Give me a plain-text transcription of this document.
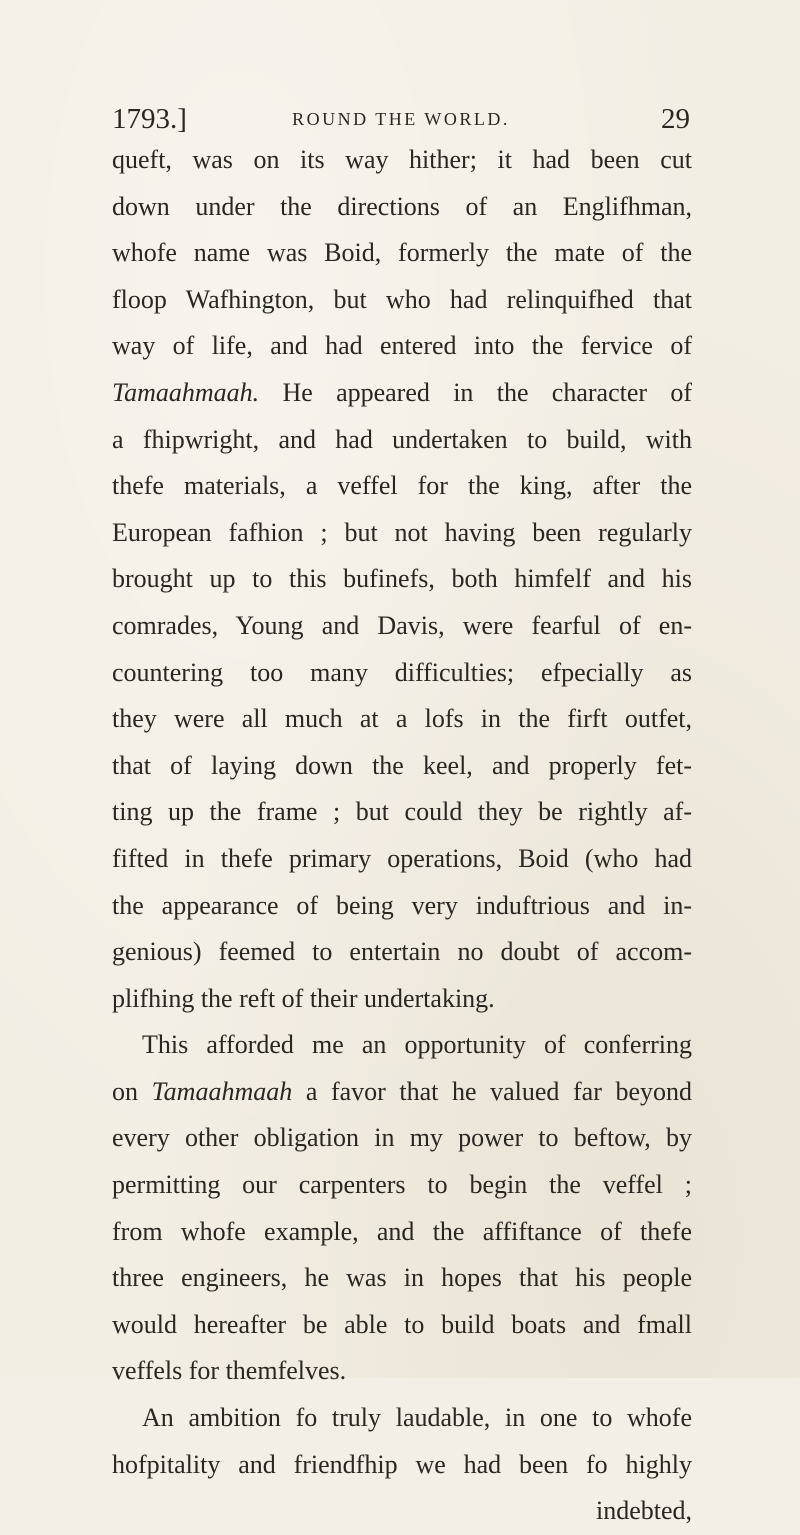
1793.]	ROUND THE WORLD.	29
queft, was on its way hither; it had been cut
down under the directions of an Englifhman,
whofe name was Boid, formerly the mate of the
floop Wafhington, but who had relinquifhed that
way of life, and had entered into the fervice of
Tamaahmaah. He appeared in the character of
a fhipwright, and had undertaken to build, with
thefe materials, a veffel for the king, after the
European fafhion ; but not having been regularly
brought up to this bufinefs, both himfelf and his
comrades, Young and Davis, were fearful of en-
countering too many difficulties; efpecially as
they were all much at a lofs in the firft outfet,
that of laying down the keel, and properly fet-
ting up the frame ; but could they be rightly af-
fifted in thefe primary operations, Boid (who had
the appearance of being very induftrious and in-
genious) feemed to entertain no doubt of accom-
plifhing the reft of their undertaking.
This afforded me an opportunity of conferring
on Tamaahmaah a favor that he valued far beyond
every other obligation in my power to beftow, by
permitting our carpenters to begin the veffel ;
from whofe example, and the affiftance of thefe
three engineers, he was in hopes that his people
would hereafter be able to build boats and fmall
veffels for themfelves.
An ambition fo truly laudable, in one to whofe
hofpitality and friendfhip we had been fo highly
indebted,
